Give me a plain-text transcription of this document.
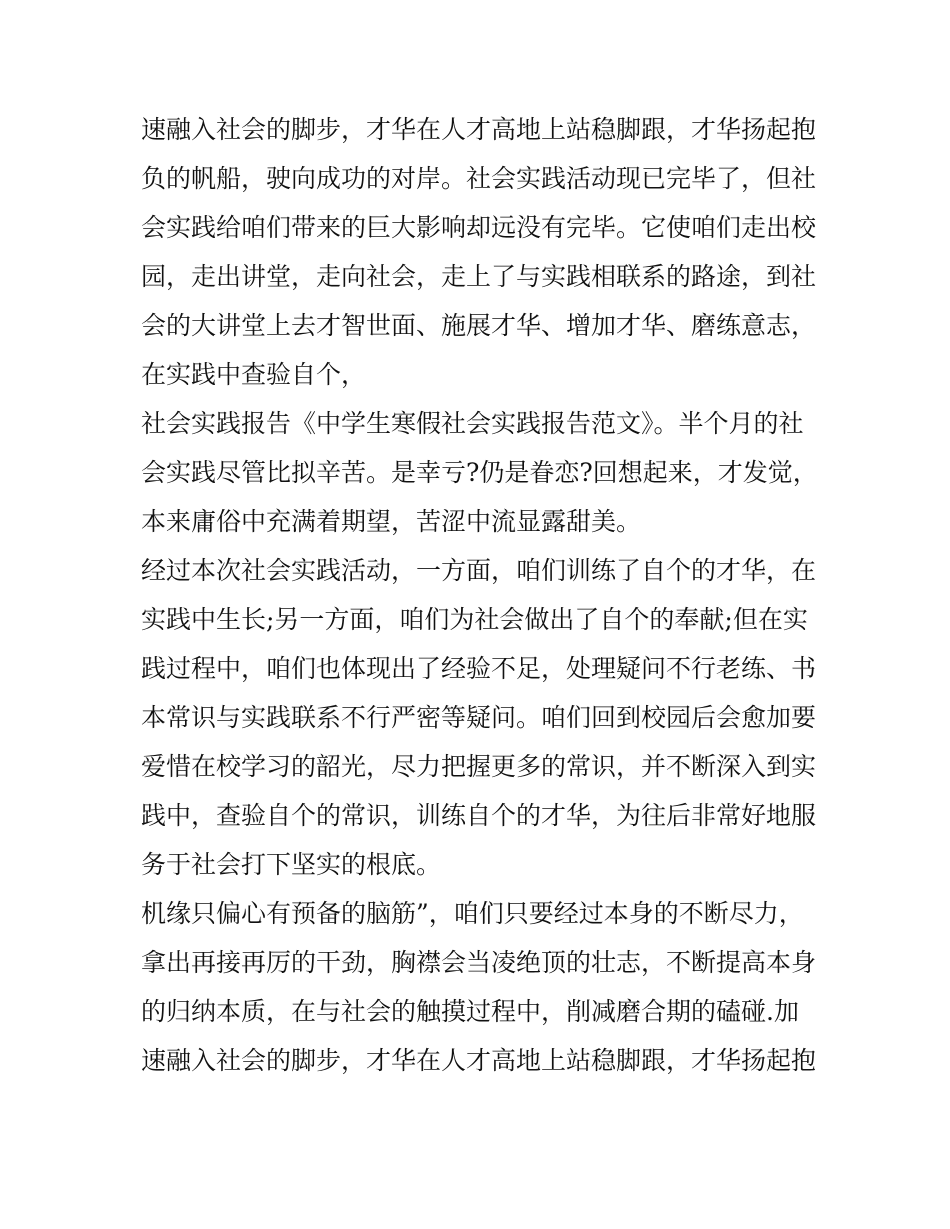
速融入社会的脚步，才华在人才高地上站稳脚跟，才华扬起抱
负的帆船，驶向成功的对岸。社会实践活动现已完毕了，但社
会实践给咱们带来的巨大影响却远没有完毕。它使咱们走出校
园，走出讲堂，走向社会，走上了与实践相联系的路途，到社
会的大讲堂上去才智世面、施展才华、增加才华、磨练意志，
在实践中查验自个，
社会实践报告《中学生寒假社会实践报告范文》。半个月的社
会实践尽管比拟辛苦。是幸亏?仍是眷恋?回想起来，才发觉，
本来庸俗中充满着期望，苦涩中流显露甜美。
经过本次社会实践活动，一方面，咱们训练了自个的才华，在
实践中生长;另一方面，咱们为社会做出了自个的奉献;但在实
践过程中，咱们也体现出了经验不足，处理疑问不行老练、书
本常识与实践联系不行严密等疑问。咱们回到校园后会愈加要
爱惜在校学习的韶光，尽力把握更多的常识，并不断深入到实
践中，查验自个的常识，训练自个的才华，为往后非常好地服
务于社会打下坚实的根底。
机缘只偏心有预备的脑筋”，咱们只要经过本身的不断尽力，
拿出再接再厉的干劲，胸襟会当凌绝顶的壮志，不断提高本身
的归纳本质，在与社会的触摸过程中，削减磨合期的磕碰.加
速融入社会的脚步，才华在人才高地上站稳脚跟，才华扬起抱
